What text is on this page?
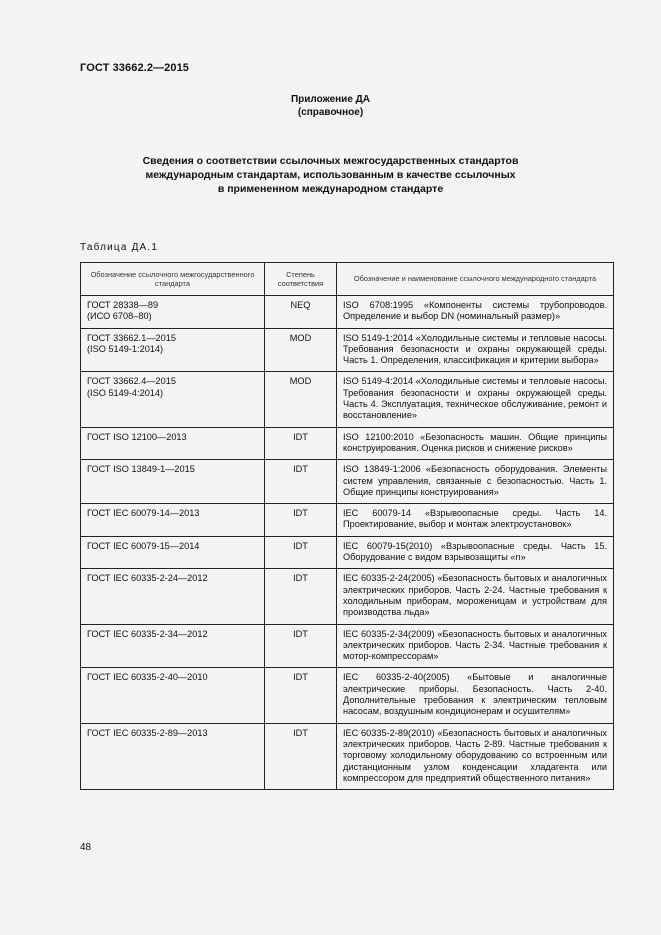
ГОСТ 33662.2—2015
Приложение ДА
(справочное)
Сведения о соответствии ссылочных межгосударственных стандартов
международным стандартам, использованным в качестве ссылочных
в примененном международном стандарте
Таблица ДА.1
Обозначение ссылочного межгосударственного стандарта	Степень соответствия	Обозначение и наименование ссылочного международного стандарта

ГОСТ 28338—89
(ИСО 6708–80)	NEQ	ISO 6708:1995 «Компоненты системы трубопроводов. Определение и выбор DN (номинальный размер)»

ГОСТ 33662.1—2015
(ISO 5149-1:2014)	MOD	ISO 5149-1:2014 «Холодильные системы и тепловые насосы. Требования безопасности и охраны окружающей среды. Часть 1. Определения, классификация и критерии выбора»

ГОСТ 33662.4—2015
(ISO 5149-4:2014)	MOD	ISO 5149-4:2014 «Холодильные системы и тепловые насосы. Требования безопасности и охраны окружающей среды. Часть 4. Эксплуатация, техническое обслуживание, ремонт и восстановление»

ГОСТ ISO 12100—2013	IDT	ISO 12100:2010 «Безопасность машин. Общие принципы конструирования. Оценка рисков и снижение рисков»

ГОСТ ISO 13849-1—2015	IDT	ISO 13849-1:2006 «Безопасность оборудования. Элементы систем управления, связанные с безопасностью. Часть 1. Общие принципы конструирования»

ГОСТ IEC 60079-14—2013	IDT	IEC 60079-14 «Взрывоопасные среды. Часть 14. Проектирование, выбор и монтаж электроустановок»

ГОСТ IEC 60079-15—2014	IDT	IEC 60079-15(2010) «Взрывоопасные среды. Часть 15. Оборудование с видом взрывозащиты «n»

ГОСТ IEC 60335-2-24—2012	IDT	IEC 60335-2-24(2005) «Безопасность бытовых и аналогичных электрических приборов. Часть 2-24. Частные требования к холодильным приборам, мороженицам и устройствам для производства льда»

ГОСТ IEC 60335-2-34—2012	IDT	IEC 60335-2-34(2009) «Безопасность бытовых и аналогичных электрических приборов. Часть 2-34. Частные требования к мотор-компрессорам»

ГОСТ IEC 60335-2-40—2010	IDT	IEC 60335-2-40(2005) «Бытовые и аналогичные электрические приборы. Безопасность. Часть 2-40. Дополнительные требования к электрическим тепловым насосам, воздушным кондиционерам и осушителям»

ГОСТ IEC 60335-2-89—2013	IDT	IEC 60335-2-89(2010) «Безопасность бытовых и аналогичных электрических приборов. Часть 2-89. Частные требования к торговому холодильному оборудованию со встроенным или дистанционным узлом конденсации хладагента или компрессором для предприятий общественного питания»
48
